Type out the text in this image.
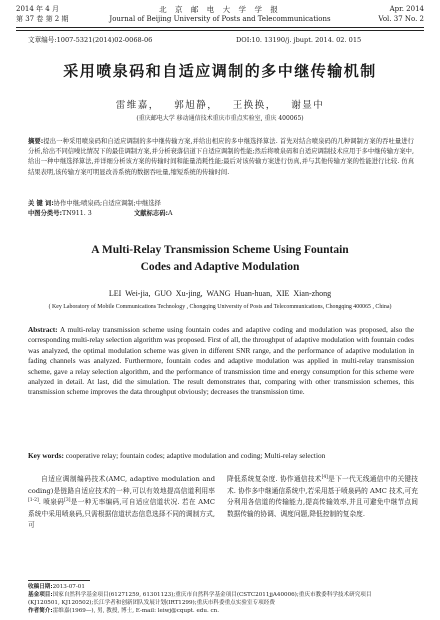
2014 年 4 月	北 京 邮 电 大 学 学 报	Apr. 2014
第 37 卷 第 2 期	Journal of Beijing University of Posts and Telecommunications	Vol. 37 No. 2
文章编号:1007-5321(2014)02-0068-06	DOI:10. 13190/j. jbupt. 2014. 02. 015
采用喷泉码和自适应调制的多中继传输机制
雷维嘉， 郭旭静， 王换换， 谢显中
(重庆邮电大学 移动通信技术重庆市重点实验室, 重庆 400065)
摘要:提出一种采用喷泉码和自适应调制的多中继传输方案,并给出相应的多中继选择算法. 首先对结合喷泉码的几种调制方案的吞吐量进行分析,给出不同信噪比情况下的最佳调制方案,并分析衰落信道下自适应调制的性能;然后将喷泉码和自适应调制技术应用于多中继传输方案中,给出一种中继选择算法,并详细分析该方案的传输时间和能量消耗性能;最后对该传输方案进行仿真,并与其他传输方案的性能进行比较. 仿真结果表明,该传输方案可明显改善系统的数据吞吐量,缩短系统的传输时间.
关 键 词:协作中继;喷泉码;自适应调制;中继选择
中图分类号: TN911. 3	文献标志码: A
A Multi-Relay Transmission Scheme Using Fountain
Codes and Adaptive Modulation
LEI Wei-jia, GUO Xu-jing, WANG Huan-huan, XIE Xian-zhong
( Key Laboratory of Mobile Communications Technology , Chongqing University of Posts and Telecommunications, Chongqing 400065 , China)
Abstract: A multi-relay transmission scheme using fountain codes and adaptive coding and modulation was proposed, also the corresponding multi-relay selection algorithm was proposed. First of all, the throughput of adaptive modulation with fountain codes was analyzed, the optimal modulation scheme was given in different SNR range, and the performance of adaptive modulation in fading channels was analyzed. Furthermore, fountain codes and adaptive modulation was applied in multi-relay transmission scheme, gave a relay selection algorithm, and the performance of transmission time and energy consumption for this scheme were analyzed in detail. At last, did the simulation. The result demonstrates that, comparing with other transmission schemes, this transmission scheme improves the data throughput obviously; decreases the transmission time.
Key words: cooperative relay; fountain codes; adaptive modulation and coding; Multi-relay selection
自适应调制编码技术(AMC, adaptive modulation and coding)是链路自适应技术的一种,可以有效地提高信道利用率[1-2]. 喷泉码[3]是一种无率编码,可自适应信道状况. 若在 AMC 系统中采用喷泉码,只需根据信道状态信息选择不同的调制方式,可
降低系统复杂度. 协作通信技术[4]是下一代无线通信中的关键技术. 协作多中继通信系统中,若采用基于喷泉码的 AMC 技术,可充分利用各信道的传输能力,提高传输效率,并且可避免中继节点间数据传输的协调、调度问题,降低控制的复杂度.
收稿日期:2013-07-01
基金项目:国家自然科学基金项目(61271259, 61301123);重庆市自然科学基金项目(CSTC2011jjA40006);重庆市教委科学技术研究项目
(KJ120501, KJ120502);长江学者和创新团队发展计划(IRT1299);重庆市科委重点实验室专项经费
作者简介:雷维嘉(1969—), 男, 教授, 博士, E-mail: leiwj@cqupt. edu. cn.
